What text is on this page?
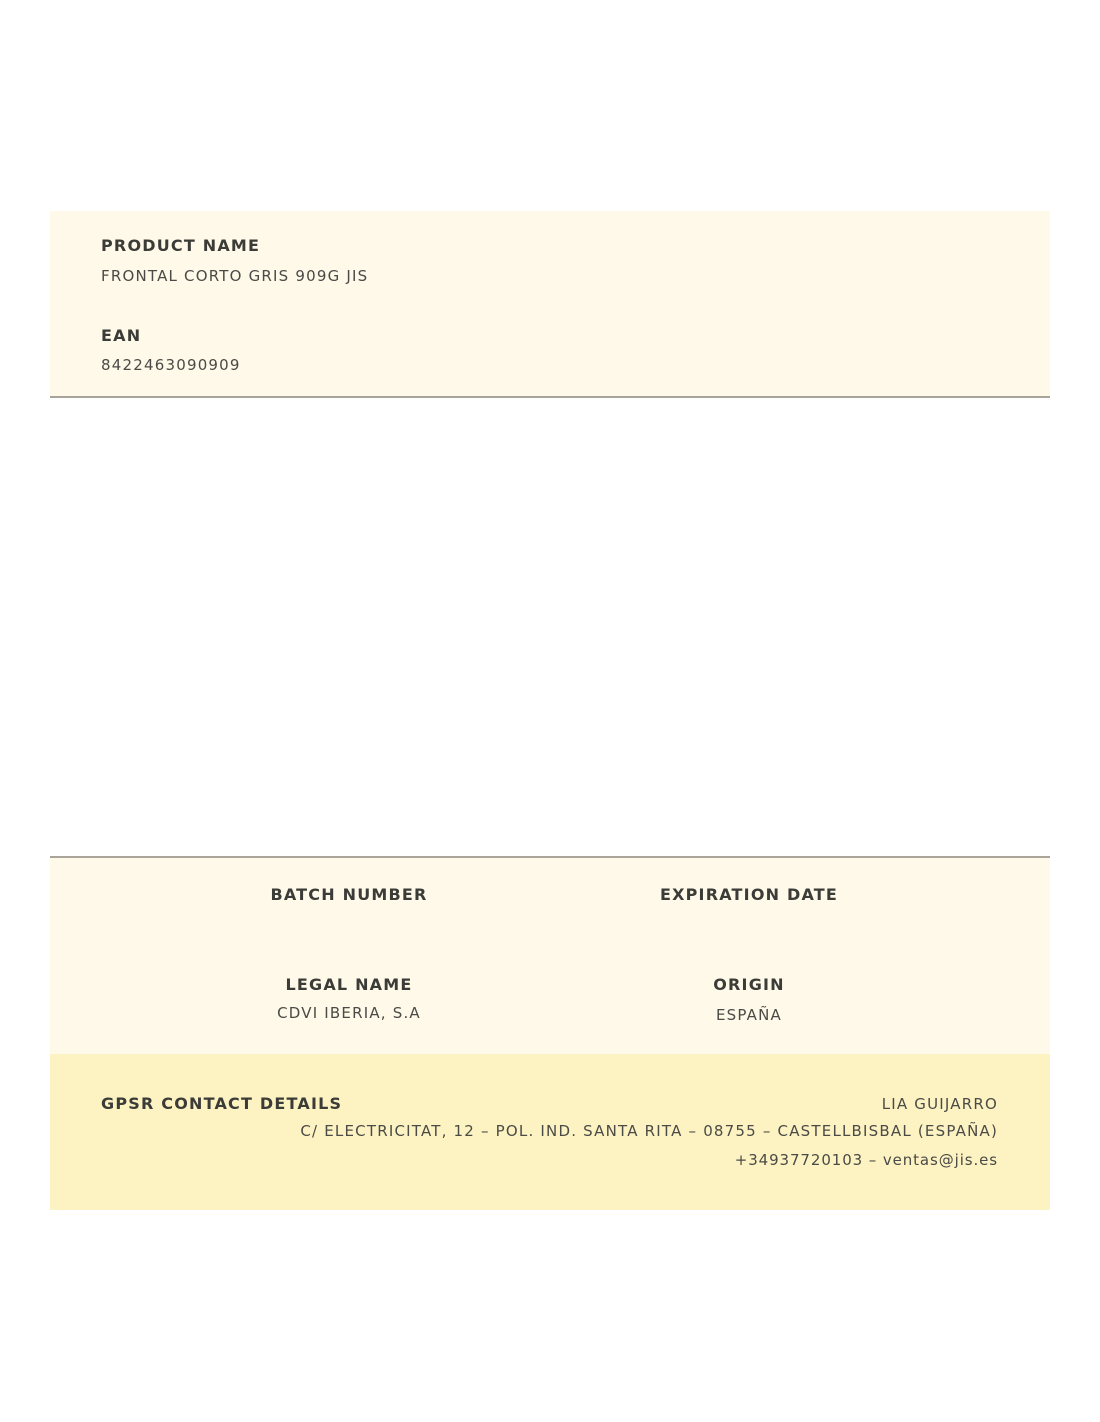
PRODUCT NAME
FRONTAL CORTO GRIS 909G JIS
EAN
8422463090909
BATCH NUMBER	EXPIRATION DATE
LEGAL NAME
CDVI IBERIA, S.A
ORIGIN
ESPAÑA
GPSR CONTACT DETAILS	LIA GUIJARRO
C/ ELECTRICITAT, 12 – POL. IND. SANTA RITA – 08755 – CASTELLBISBAL (ESPAÑA)
+34937720103 – ventas@jis.es
